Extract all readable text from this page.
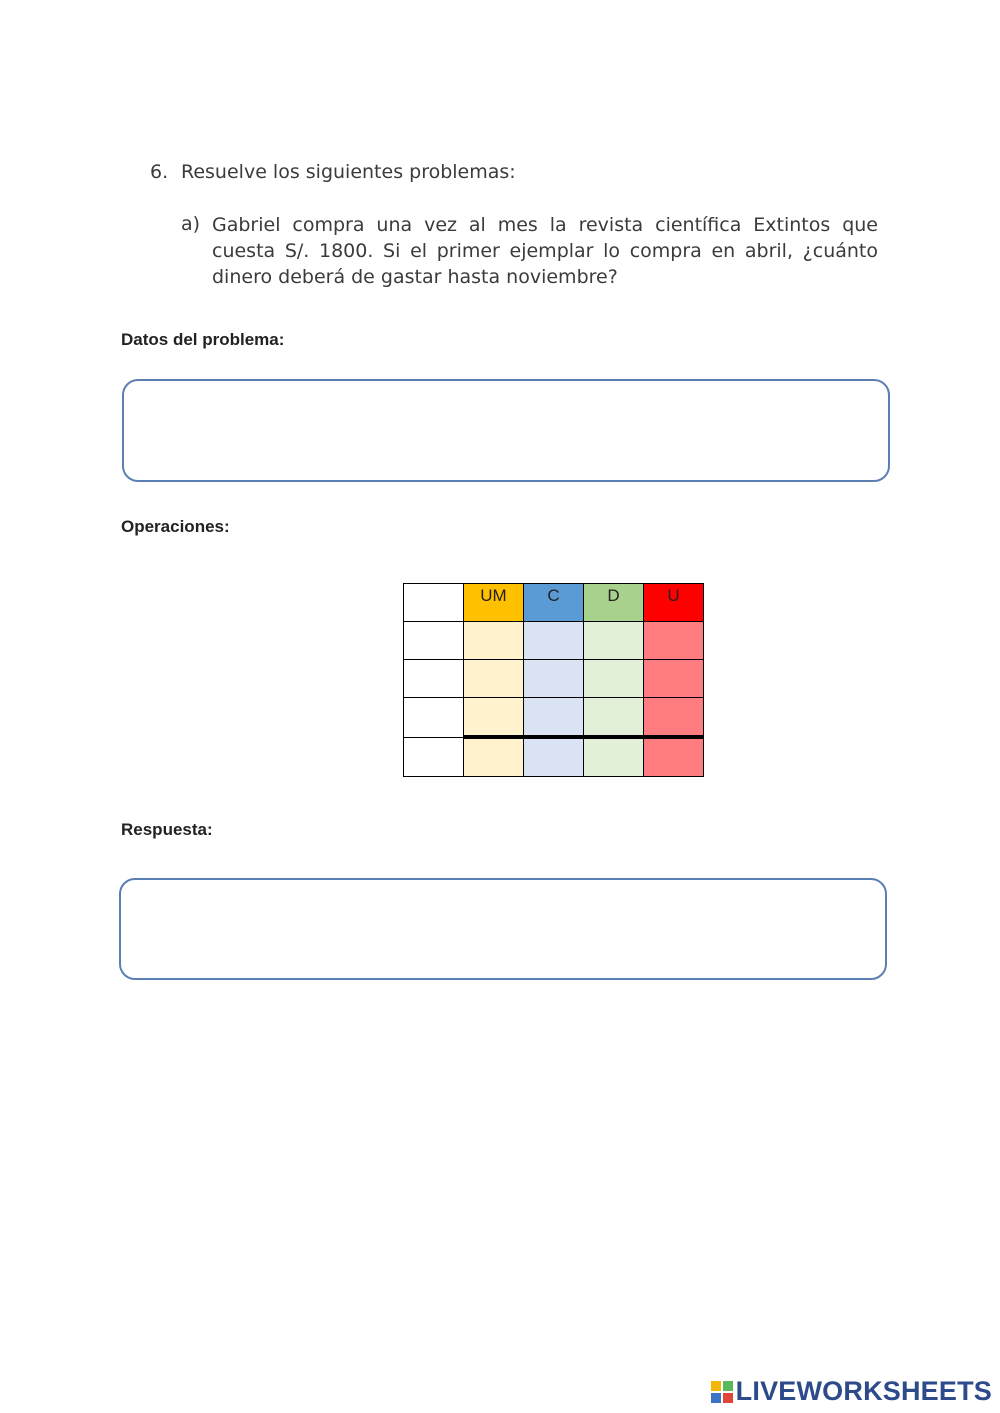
6. Resuelve los siguientes problemas:
a) Gabriel compra una vez al mes la revista científica Extintos que cuesta S/. 1800. Si el primer ejemplar lo compra en abril, ¿cuánto dinero deberá de gastar hasta noviembre?
Datos del problema:
Operaciones:
	UM	C	D	U

Respuesta:
LIVEWORKSHEETS
